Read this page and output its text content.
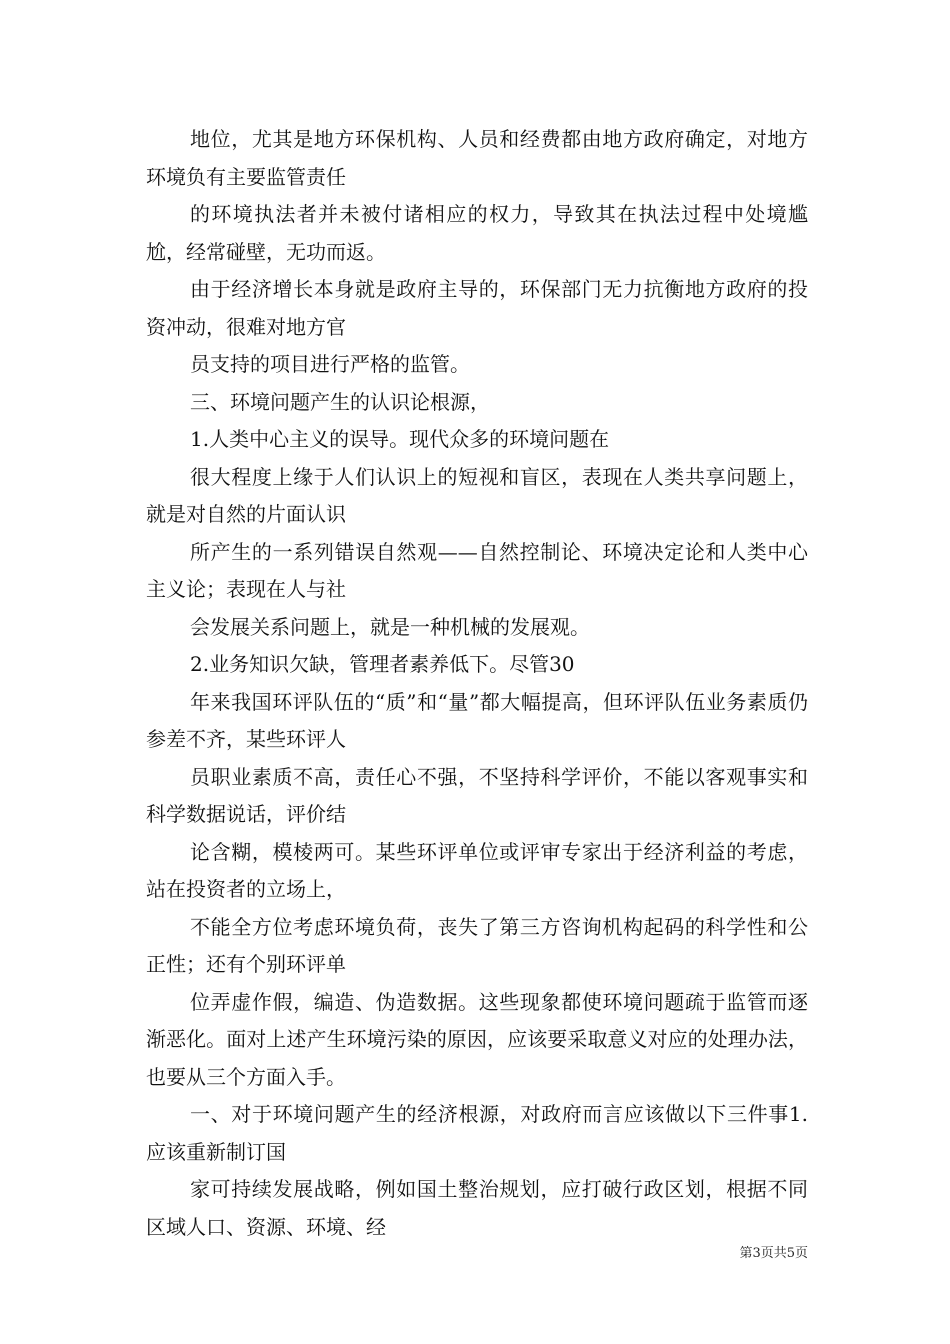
地位，尤其是地方环保机构、人员和经费都由地方政府确定，对地方环境负有主要监管责任

的环境执法者并未被付诸相应的权力，导致其在执法过程中处境尴尬，经常碰壁，无功而返。

由于经济增长本身就是政府主导的，环保部门无力抗衡地方政府的投资冲动，很难对地方官

员支持的项目进行严格的监管。

三、环境问题产生的认识论根源，

1.人类中心主义的误导。现代众多的环境问题在

很大程度上缘于人们认识上的短视和盲区，表现在人类共享问题上，就是对自然的片面认识

所产生的一系列错误自然观——自然控制论、环境决定论和人类中心主义论；表现在人与社

会发展关系问题上，就是一种机械的发展观。

2.业务知识欠缺，管理者素养低下。尽管30

年来我国环评队伍的“质”和“量”都大幅提高，但环评队伍业务素质仍参差不齐，某些环评人

员职业素质不高，责任心不强，不坚持科学评价，不能以客观事实和科学数据说话，评价结

论含糊，模棱两可。某些环评单位或评审专家出于经济利益的考虑，站在投资者的立场上，

不能全方位考虑环境负荷，丧失了第三方咨询机构起码的科学性和公正性；还有个别环评单

位弄虚作假，编造、伪造数据。这些现象都使环境问题疏于监管而逐渐恶化。面对上述产生环境污染的原因，应该要采取意义对应的处理办法，也要从三个方面入手。

一、对于环境问题产生的经济根源，对政府而言应该做以下三件事1.应该重新制订国

家可持续发展战略，例如国土整治规划，应打破行政区划，根据不同区域人口、资源、环境、经

第3页共5页
